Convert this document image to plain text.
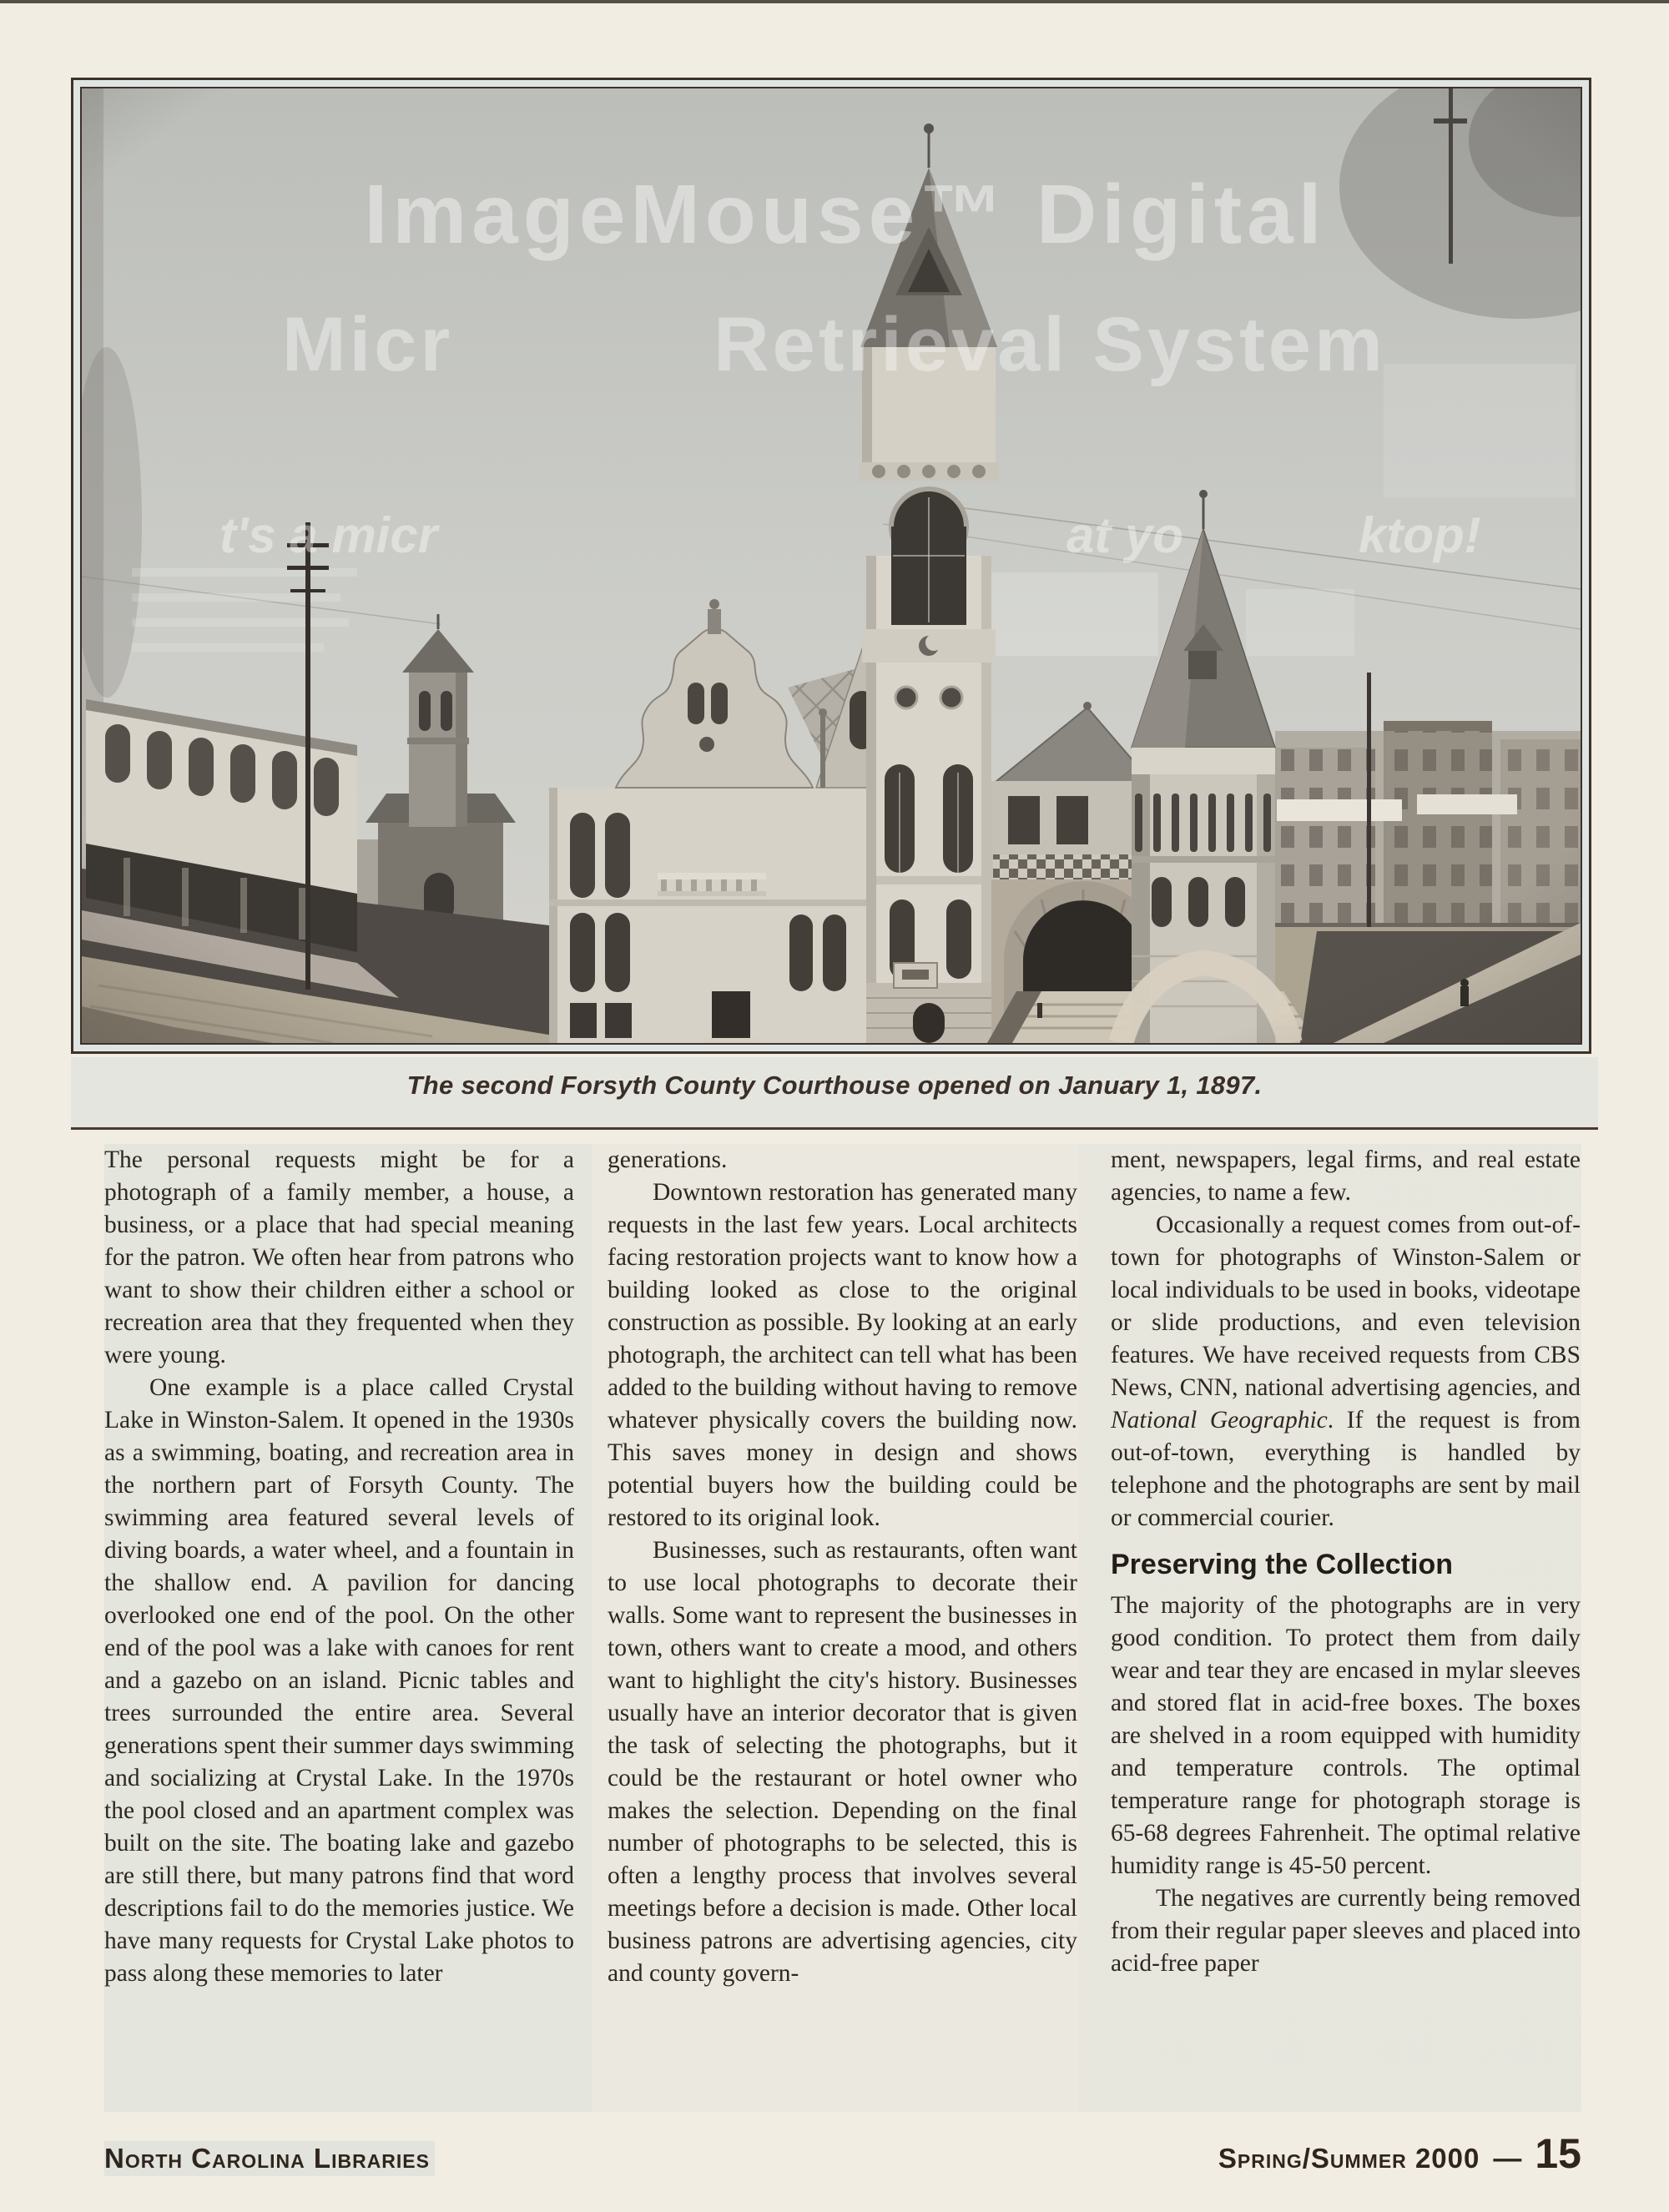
ImageMouse™ Digital
Micr	Retrieval System
t's a micr	at yo	ktop!
The second Forsyth County Courthouse opened on January 1, 1897.

The personal requests might be for a photograph of a family member, a house, a business, or a place that had special meaning for the patron. We often hear from patrons who want to show their children either a school or recreation area that they frequented when they were young.

One example is a place called Crystal Lake in Winston-Salem. It opened in the 1930s as a swimming, boating, and recreation area in the northern part of Forsyth County. The swimming area featured several levels of diving boards, a water wheel, and a fountain in the shallow end. A pavilion for dancing overlooked one end of the pool. On the other end of the pool was a lake with canoes for rent and a gazebo on an island. Picnic tables and trees surrounded the entire area. Several generations spent their summer days swimming and socializing at Crystal Lake. In the 1970s the pool closed and an apartment complex was built on the site. The boating lake and gazebo are still there, but many patrons find that word descriptions fail to do the memories justice. We have many requests for Crystal Lake photos to pass along these memories to later

generations.

Downtown restoration has generated many requests in the last few years. Local architects facing restoration projects want to know how a building looked as close to the original construction as possible. By looking at an early photograph, the architect can tell what has been added to the building without having to remove whatever physically covers the building now. This saves money in design and shows potential buyers how the building could be restored to its original look.

Businesses, such as restaurants, often want to use local photographs to decorate their walls. Some want to represent the businesses in town, others want to create a mood, and others want to highlight the city's history. Businesses usually have an interior decorator that is given the task of selecting the photographs, but it could be the restaurant or hotel owner who makes the selection. Depending on the final number of photographs to be selected, this is often a lengthy process that involves several meetings before a decision is made. Other local business patrons are advertising agencies, city and county govern-

ment, newspapers, legal firms, and real estate agencies, to name a few.

Occasionally a request comes from out-of-town for photographs of Winston-Salem or local individuals to be used in books, videotape or slide productions, and even television features. We have received requests from CBS News, CNN, national advertising agencies, and National Geographic. If the request is from out-of-town, everything is handled by telephone and the photographs are sent by mail or commercial courier.

Preserving the Collection

The majority of the photographs are in very good condition. To protect them from daily wear and tear they are encased in mylar sleeves and stored flat in acid-free boxes. The boxes are shelved in a room equipped with humidity and temperature controls. The optimal temperature range for photograph storage is 65-68 degrees Fahrenheit. The optimal relative humidity range is 45-50 percent.

The negatives are currently being removed from their regular paper sleeves and placed into acid-free paper

North Carolina Libraries	Spring/Summer 2000 — 15
